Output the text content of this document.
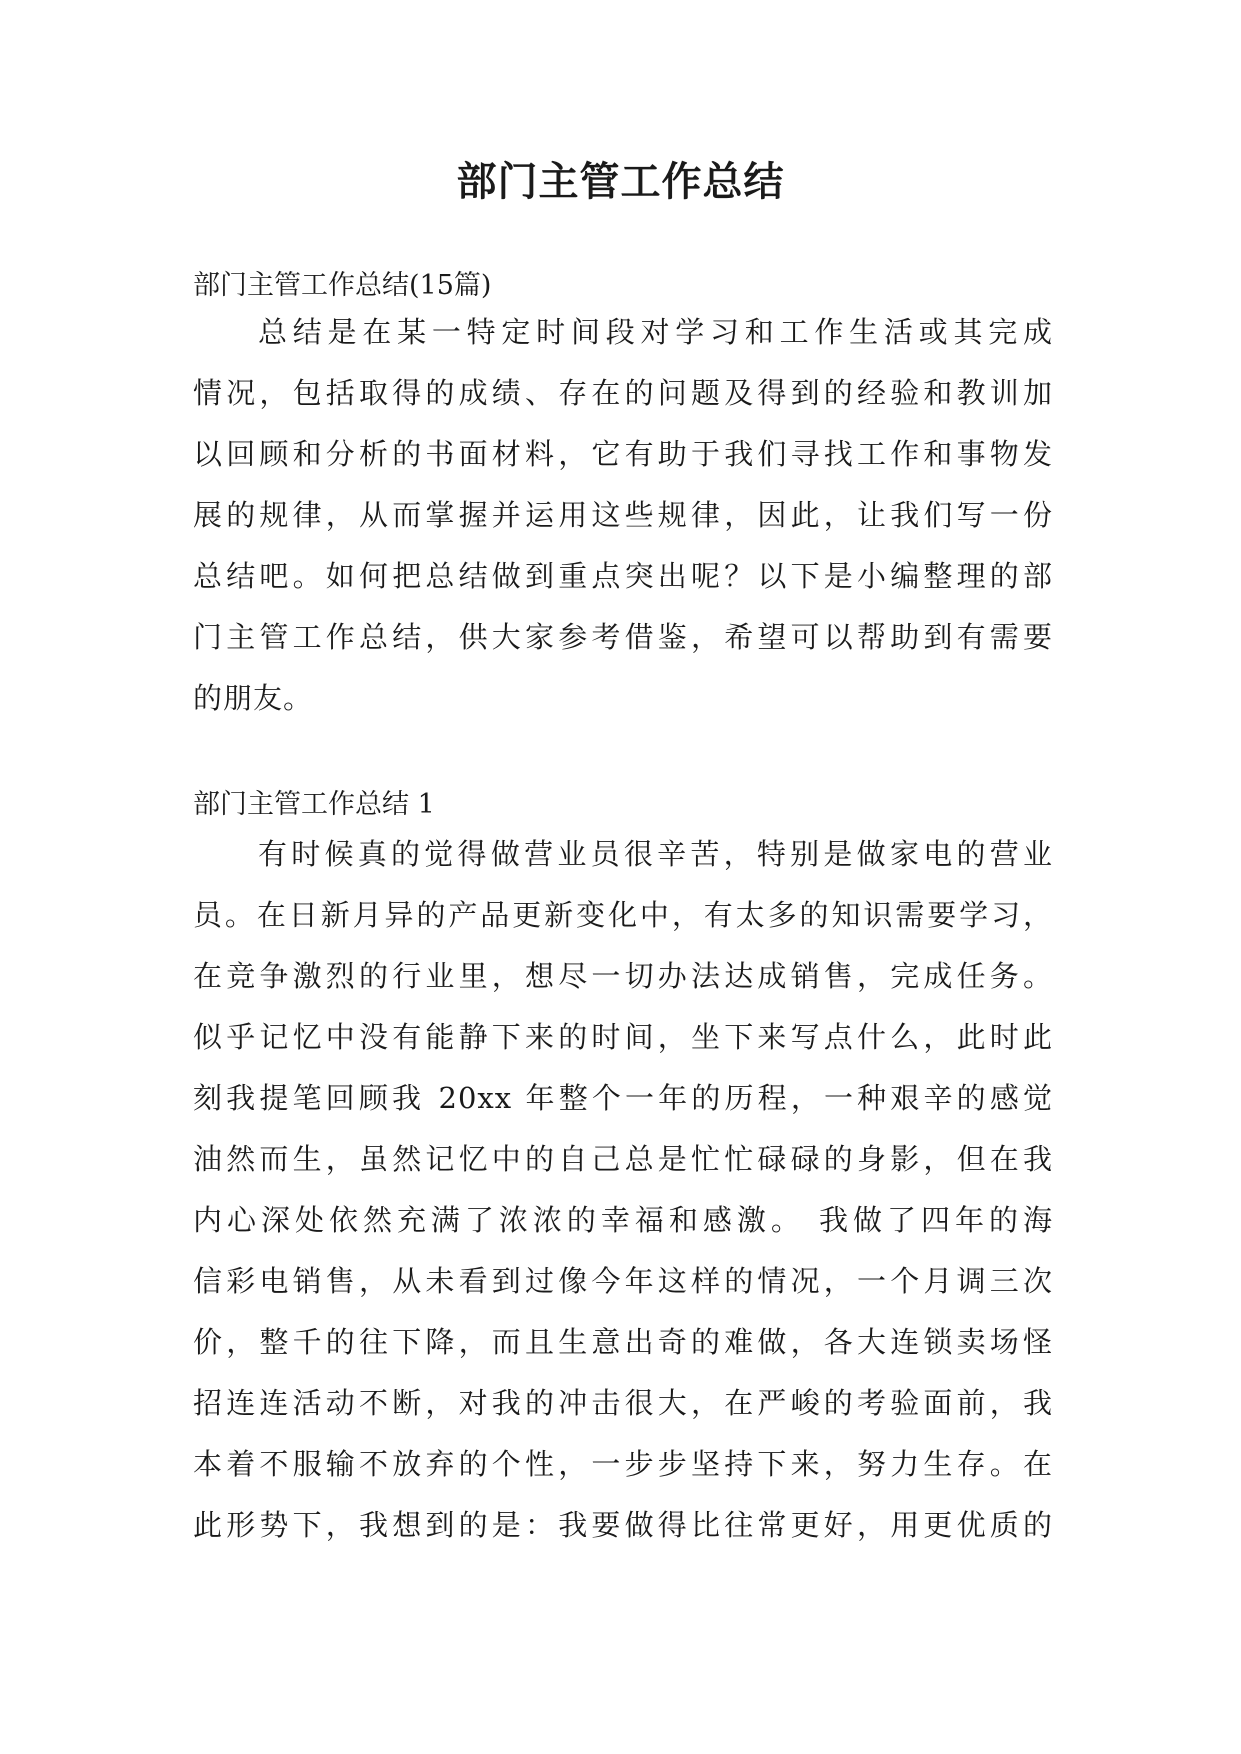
部门主管工作总结

部门主管工作总结(15篇)

总结是在某一特定时间段对学习和工作生活或其完成
情况，包括取得的成绩、存在的问题及得到的经验和教训加
以回顾和分析的书面材料，它有助于我们寻找工作和事物发
展的规律，从而掌握并运用这些规律，因此，让我们写一份
总结吧。如何把总结做到重点突出呢？以下是小编整理的部
门主管工作总结，供大家参考借鉴，希望可以帮助到有需要
的朋友。

部门主管工作总结 1

有时候真的觉得做营业员很辛苦，特别是做家电的营业
员。在日新月异的产品更新变化中，有太多的知识需要学习，
在竞争激烈的行业里，想尽一切办法达成销售，完成任务。
似乎记忆中没有能静下来的时间，坐下来写点什么，此时此
刻我提笔回顾我 20xx 年整个一年的历程，一种艰辛的感觉
油然而生，虽然记忆中的自己总是忙忙碌碌的身影，但在我
内心深处依然充满了浓浓的幸福和感激。 我做了四年的海
信彩电销售，从未看到过像今年这样的情况，一个月调三次
价，整千的往下降，而且生意出奇的难做，各大连锁卖场怪
招连连活动不断，对我的冲击很大，在严峻的考验面前，我
本着不服输不放弃的个性，一步步坚持下来，努力生存。在
此形势下，我想到的是：我要做得比往常更好，用更优质的
